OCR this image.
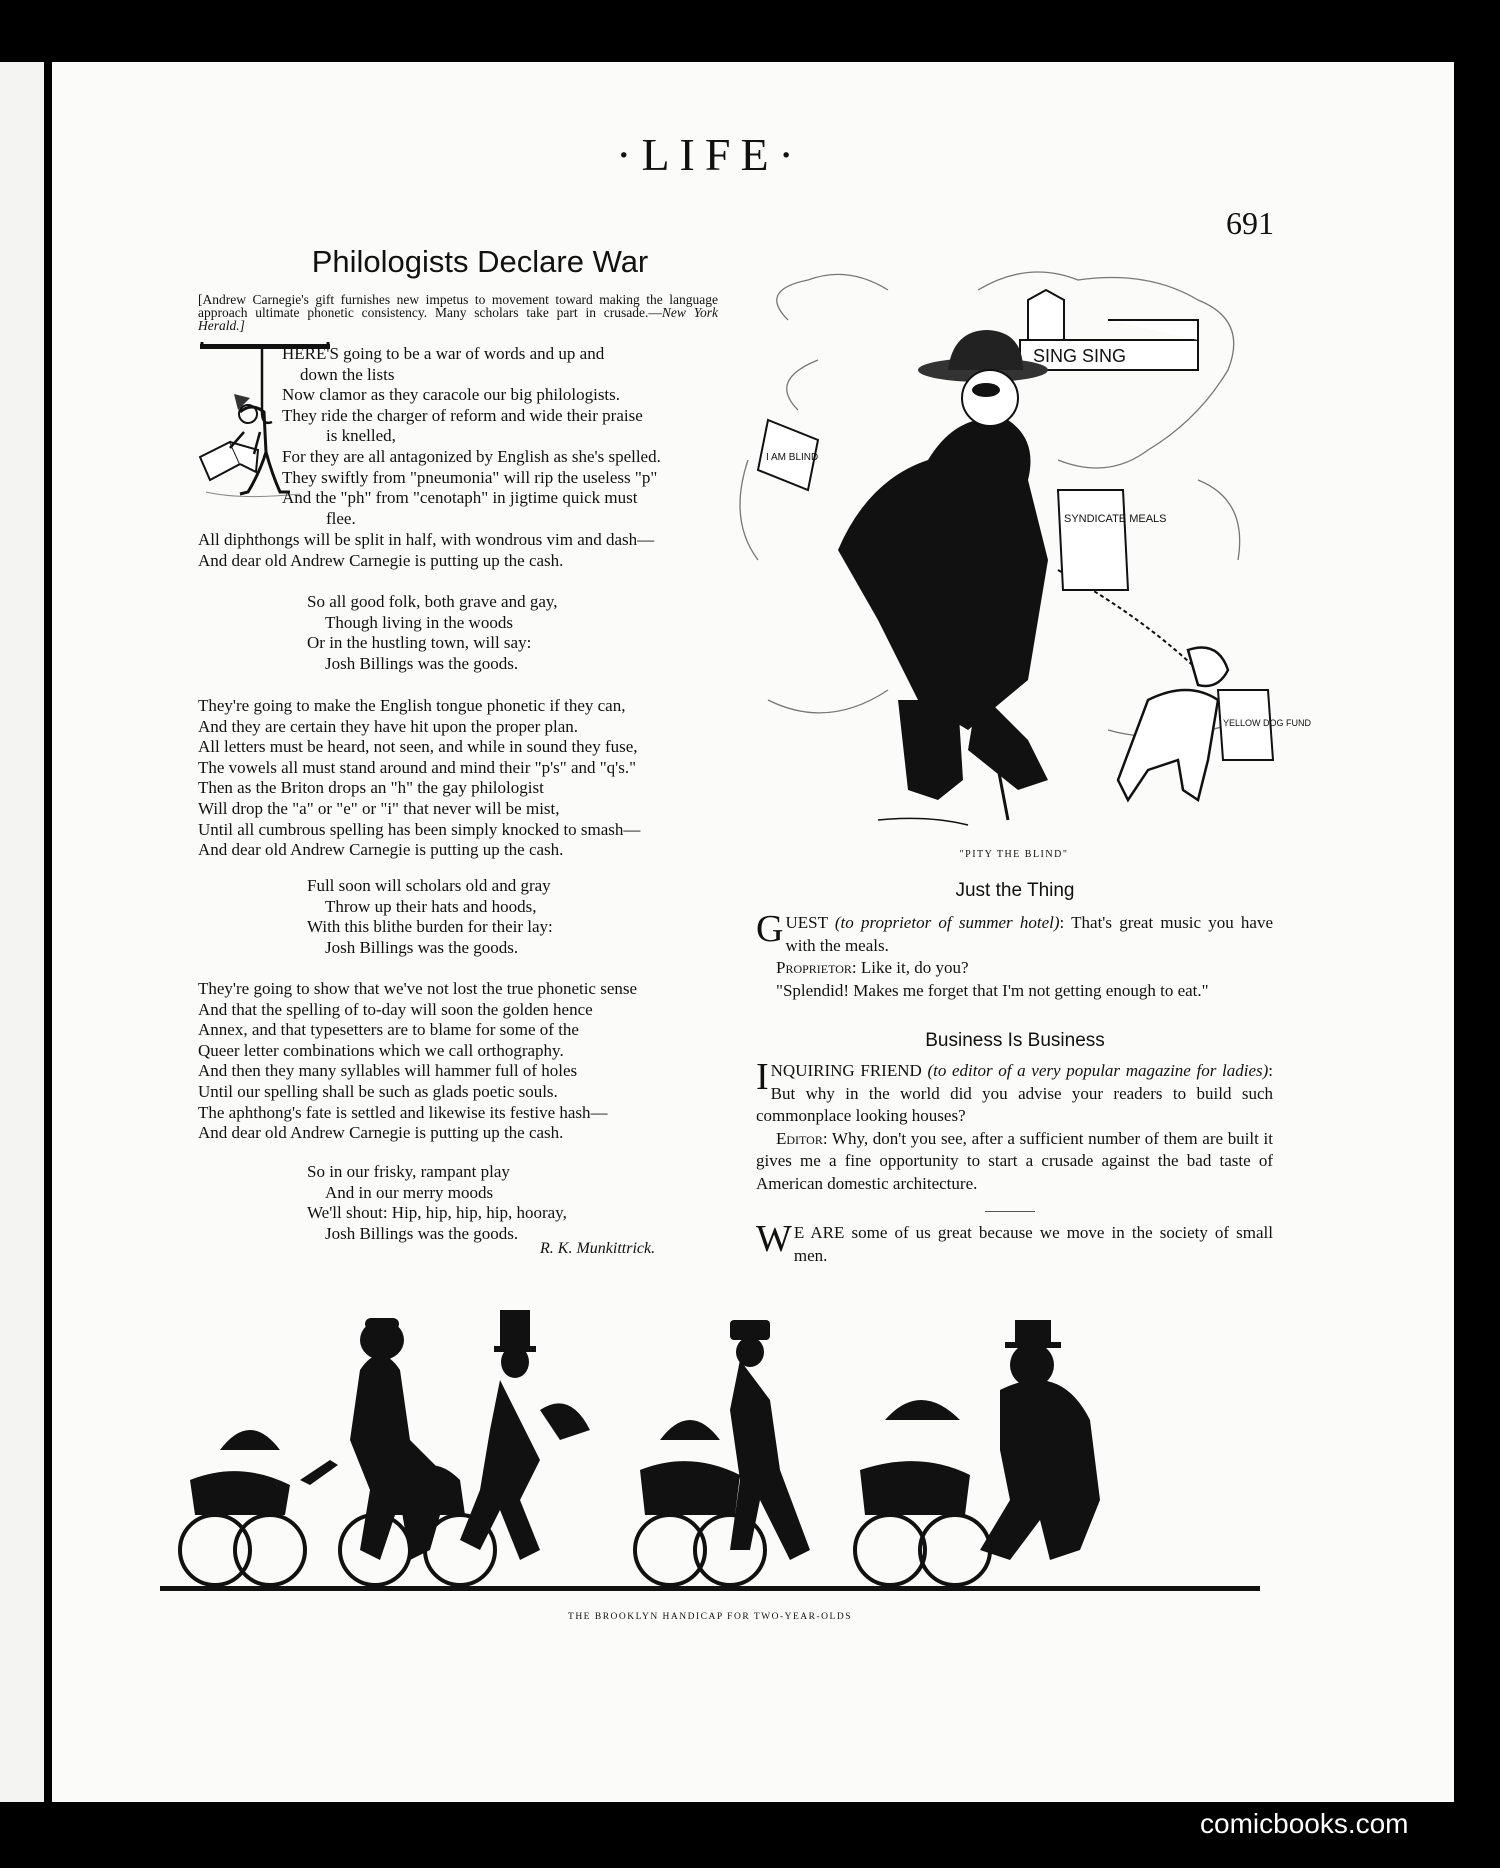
·LIFE·
691
Philologists Declare War
[Andrew Carnegie's gift furnishes new impetus to movement toward making the language approach ultimate phonetic consistency. Many scholars take part in crusade.—New York Herald.]

HERE'S going to be a war of words and up and

down the lists

Now clamor as they caracole our big philologists.

They ride the charger of reform and wide their praise

is knelled,

For they are all antagonized by English as she's spelled.

They swiftly from "pneumonia" will rip the useless "p"

And the "ph" from "cenotaph" in jigtime quick must

flee.

All diphthongs will be split in half, with wondrous vim and dash—

And dear old Andrew Carnegie is putting up the cash.

So all good folk, both grave and gay,

Though living in the woods

Or in the hustling town, will say:

Josh Billings was the goods.

They're going to make the English tongue phonetic if they can,

And they are certain they have hit upon the proper plan.

All letters must be heard, not seen, and while in sound they fuse,

The vowels all must stand around and mind their "p's" and "q's."

Then as the Briton drops an "h" the gay philologist

Will drop the "a" or "e" or "i" that never will be mist,

Until all cumbrous spelling has been simply knocked to smash—

And dear old Andrew Carnegie is putting up the cash.

Full soon will scholars old and gray

Throw up their hats and hoods,

With this blithe burden for their lay:

Josh Billings was the goods.

They're going to show that we've not lost the true phonetic sense

And that the spelling of to-day will soon the golden hence

Annex, and that typesetters are to blame for some of the

Queer letter combinations which we call orthography.

And then they many syllables will hammer full of holes

Until our spelling shall be such as glads poetic souls.

The aphthong's fate is settled and likewise its festive hash—

And dear old Andrew Carnegie is putting up the cash.

So in our frisky, rampant play

And in our merry moods

We'll shout: Hip, hip, hip, hip, hooray,

Josh Billings was the goods.

R. K. Munkittrick.
SING SING
SYNDICATE MEALS
I AM BLIND
YELLOW DOG FUND
"PITY THE BLIND"
Just the Thing

GUEST (to proprietor of summer hotel): That's great music you have with the meals.

Proprietor: Like it, do you?

"Splendid! Makes me forget that I'm not getting enough to eat."

Business Is Business

INQUIRING FRIEND (to editor of a very popular magazine for ladies): But why in the world did you advise your readers to build such commonplace looking houses?

Editor: Why, don't you see, after a sufficient number of them are built it gives me a fine opportunity to start a crusade against the bad taste of American domestic architecture.

W E ARE some of us great because we move in the society of small men.

THE BROOKLYN HANDICAP FOR TWO-YEAR-OLDS
comicbooks.com
